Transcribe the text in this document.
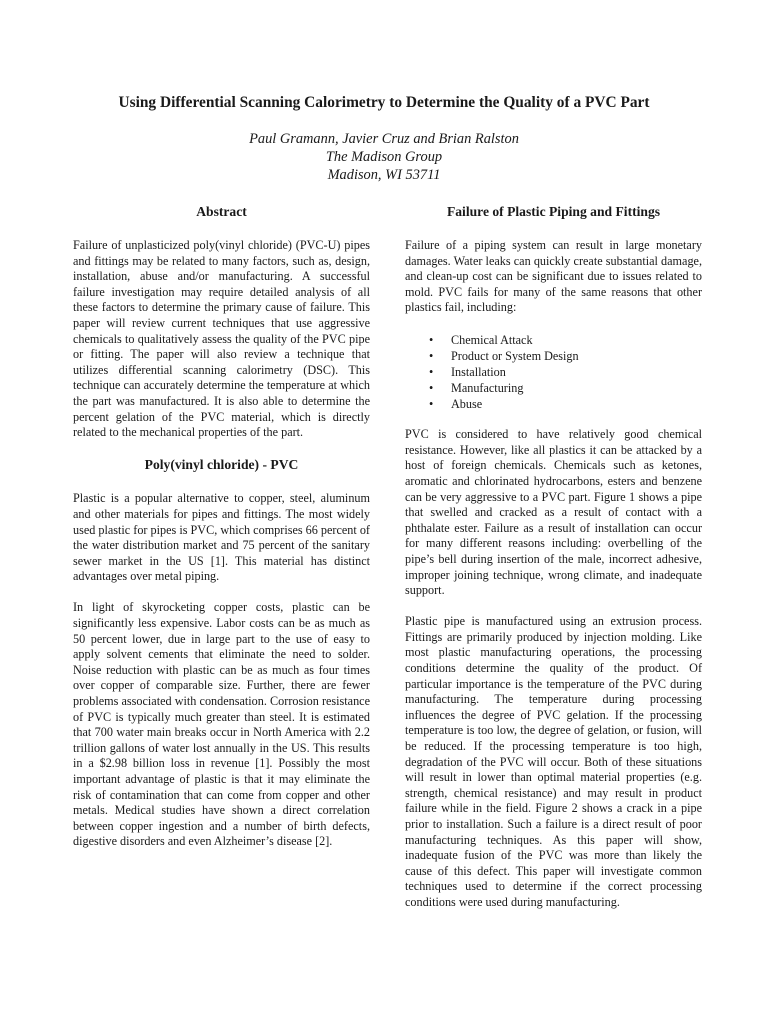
Using Differential Scanning Calorimetry to Determine the Quality of a PVC Part
Paul Gramann, Javier Cruz and Brian Ralston
The Madison Group
Madison, WI 53711
Abstract

Failure of unplasticized poly(vinyl chloride) (PVC-U) pipes and fittings may be related to many factors, such as, design, installation, abuse and/or manufacturing. A successful failure investigation may require detailed analysis of all these factors to determine the primary cause of failure. This paper will review current techniques that use aggressive chemicals to qualitatively assess the quality of the PVC pipe or fitting. The paper will also review a technique that utilizes differential scanning calorimetry (DSC). This technique can accurately determine the temperature at which the part was manufactured. It is also able to determine the percent gelation of the PVC material, which is directly related to the mechanical properties of the part.

Poly(vinyl chloride) - PVC

Plastic is a popular alternative to copper, steel, aluminum and other materials for pipes and fittings. The most widely used plastic for pipes is PVC, which comprises 66 percent of the water distribution market and 75 percent of the sanitary sewer market in the US [1]. This material has distinct advantages over metal piping.

In light of skyrocketing copper costs, plastic can be significantly less expensive. Labor costs can be as much as 50 percent lower, due in large part to the use of easy to apply solvent cements that eliminate the need to solder. Noise reduction with plastic can be as much as four times over copper of comparable size. Further, there are fewer problems associated with condensation. Corrosion resistance of PVC is typically much greater than steel. It is estimated that 700 water main breaks occur in North America with 2.2 trillion gallons of water lost annually in the US. This results in a $2.98 billion loss in revenue [1]. Possibly the most important advantage of plastic is that it may eliminate the risk of contamination that can come from copper and other metals. Medical studies have shown a direct correlation between copper ingestion and a number of birth defects, digestive disorders and even Alzheimer’s disease [2].

Failure of Plastic Piping and Fittings

Failure of a piping system can result in large monetary damages. Water leaks can quickly create substantial damage, and clean-up cost can be significant due to issues related to mold. PVC fails for many of the same reasons that other plastics fail, including:

• Chemical Attack
• Product or System Design
• Installation
• Manufacturing
• Abuse

PVC is considered to have relatively good chemical resistance. However, like all plastics it can be attacked by a host of foreign chemicals. Chemicals such as ketones, aromatic and chlorinated hydrocarbons, esters and benzene can be very aggressive to a PVC part. Figure 1 shows a pipe that swelled and cracked as a result of contact with a phthalate ester. Failure as a result of installation can occur for many different reasons including: overbelling of the pipe’s bell during insertion of the male, incorrect adhesive, improper joining technique, wrong climate, and inadequate support.

Plastic pipe is manufactured using an extrusion process. Fittings are primarily produced by injection molding. Like most plastic manufacturing operations, the processing conditions determine the quality of the product. Of particular importance is the temperature of the PVC during manufacturing. The temperature during processing influences the degree of PVC gelation. If the processing temperature is too low, the degree of gelation, or fusion, will be reduced. If the processing temperature is too high, degradation of the PVC will occur. Both of these situations will result in lower than optimal material properties (e.g. strength, chemical resistance) and may result in product failure while in the field. Figure 2 shows a crack in a pipe prior to installation. Such a failure is a direct result of poor manufacturing techniques. As this paper will show, inadequate fusion of the PVC was more than likely the cause of this defect. This paper will investigate common techniques used to determine if the correct processing conditions were used during manufacturing.
